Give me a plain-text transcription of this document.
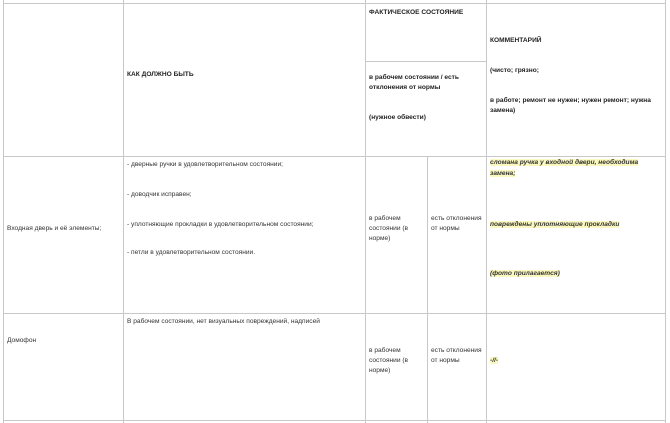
КАК ДОЛЖНО БЫТЬ
ФАКТИЧЕСКОЕ СОСТОЯНИЕ
в рабочем состоянии / есть отклонения от нормы
(нужное обвести)
КОММЕНТАРИЙ
(чисто; грязно;
в работе; ремонт не нужен; нужен ремонт; нужна замена)
Входная дверь и её элементы;
- дверные ручки в удовлетворительном состоянии;
- доводчик исправен;
- уплотняющие прокладки в удовлетворительном состоянии;
- петли в удовлетворительном состоянии.
в рабочем состоянии (в норме)
есть отклонения от нормы
сломана ручка у входной двери, необходима замена;
повреждены уплотняющие прокладки
(фото прилагается)
Домофон
В рабочем состоянии, нет визуальных повреждений, надписей
в рабочем состоянии (в норме)
есть отклонения от нормы	-//-
